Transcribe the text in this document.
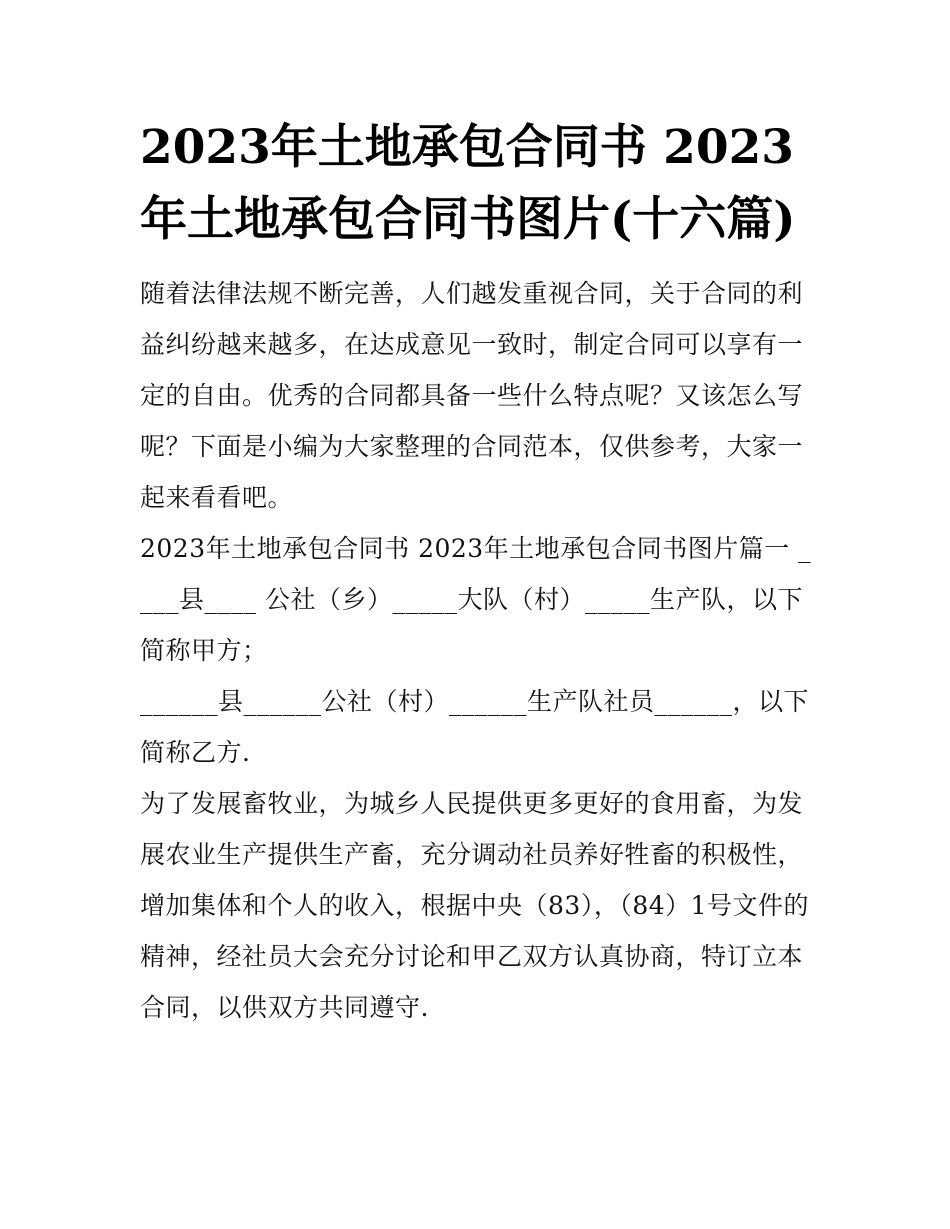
2023年土地承包合同书 2023年土地承包合同书图片(十六篇)

随着法律法规不断完善，人们越发重视合同，关于合同的利益纠纷越来越多，在达成意见一致时，制定合同可以享有一定的自由。优秀的合同都具备一些什么特点呢？又该怎么写呢？下面是小编为大家整理的合同范本，仅供参考，大家一起来看看吧。

2023年土地承包合同书 2023年土地承包合同书图片篇一 ____县____ 公社（乡）_____大队（村）_____生产队，以下简称甲方；

______县______公社（村）______生产队社员______，以下简称乙方.

为了发展畜牧业，为城乡人民提供更多更好的食用畜，为发展农业生产提供生产畜，充分调动社员养好牲畜的积极性，增加集体和个人的收入，根据中央（83），（84）1号文件的精神，经社员大会充分讨论和甲乙双方认真协商，特订立本合同，以供双方共同遵守.
